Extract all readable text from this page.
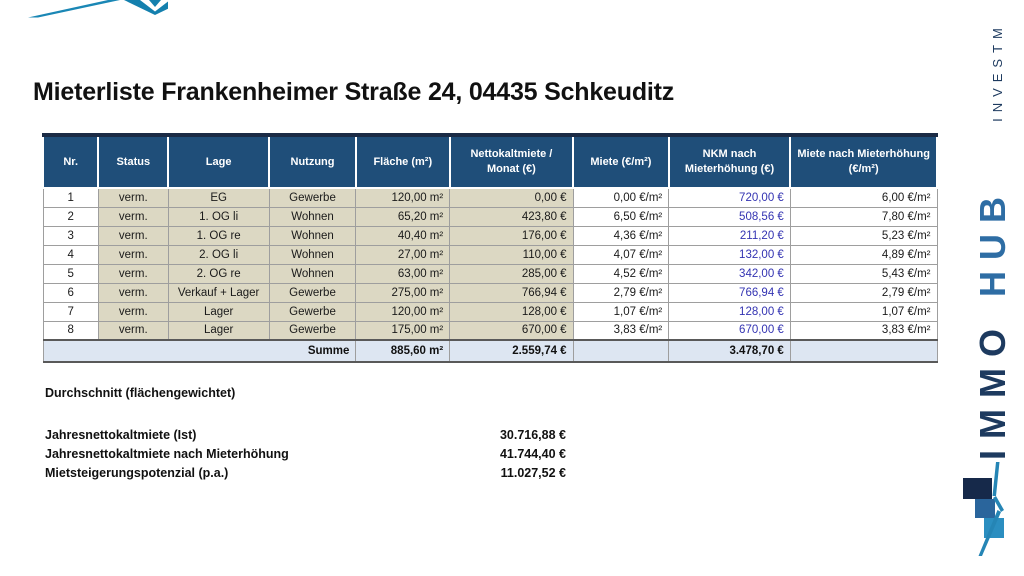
Mieterliste Frankenheimer Straße 24, 04435 Schkeuditz
Nr.	Status	Lage	Nutzung	Fläche (m²)	Nettokaltmiete / Monat (€)	Miete (€/m²)	NKM nach Mieterhöhung (€)	Miete nach Mieterhöhung (€/m²)
1	verm.	EG	Gewerbe	120,00 m²	0,00 €	0,00 €/m²	720,00 €	6,00 €/m²
2	verm.	1. OG li	Wohnen	65,20 m²	423,80 €	6,50 €/m²	508,56 €	7,80 €/m²
3	verm.	1. OG re	Wohnen	40,40 m²	176,00 €	4,36 €/m²	211,20 €	5,23 €/m²
4	verm.	2. OG li	Wohnen	27,00 m²	110,00 €	4,07 €/m²	132,00 €	4,89 €/m²
5	verm.	2. OG re	Wohnen	63,00 m²	285,00 €	4,52 €/m²	342,00 €	5,43 €/m²
6	verm.	Verkauf + Lager	Gewerbe	275,00 m²	766,94 €	2,79 €/m²	766,94 €	2,79 €/m²
7	verm.	Lager	Gewerbe	120,00 m²	128,00 €	1,07 €/m²	128,00 €	1,07 €/m²
8	verm.	Lager	Gewerbe	175,00 m²	670,00 €	3,83 €/m²	670,00 €	3,83 €/m²
Summe				885,60 m²	2.559,74 €		3.478,70 €	
Durchschnitt (flächengewichtet)
Jahresnettokaltmiete (Ist)	30.716,88 €
Jahresnettokaltmiete nach Mieterhöhung	41.744,40 €
Mietsteigerungspotenzial (p.a.)	11.027,52 €
IMMO HUB
INVESTM
